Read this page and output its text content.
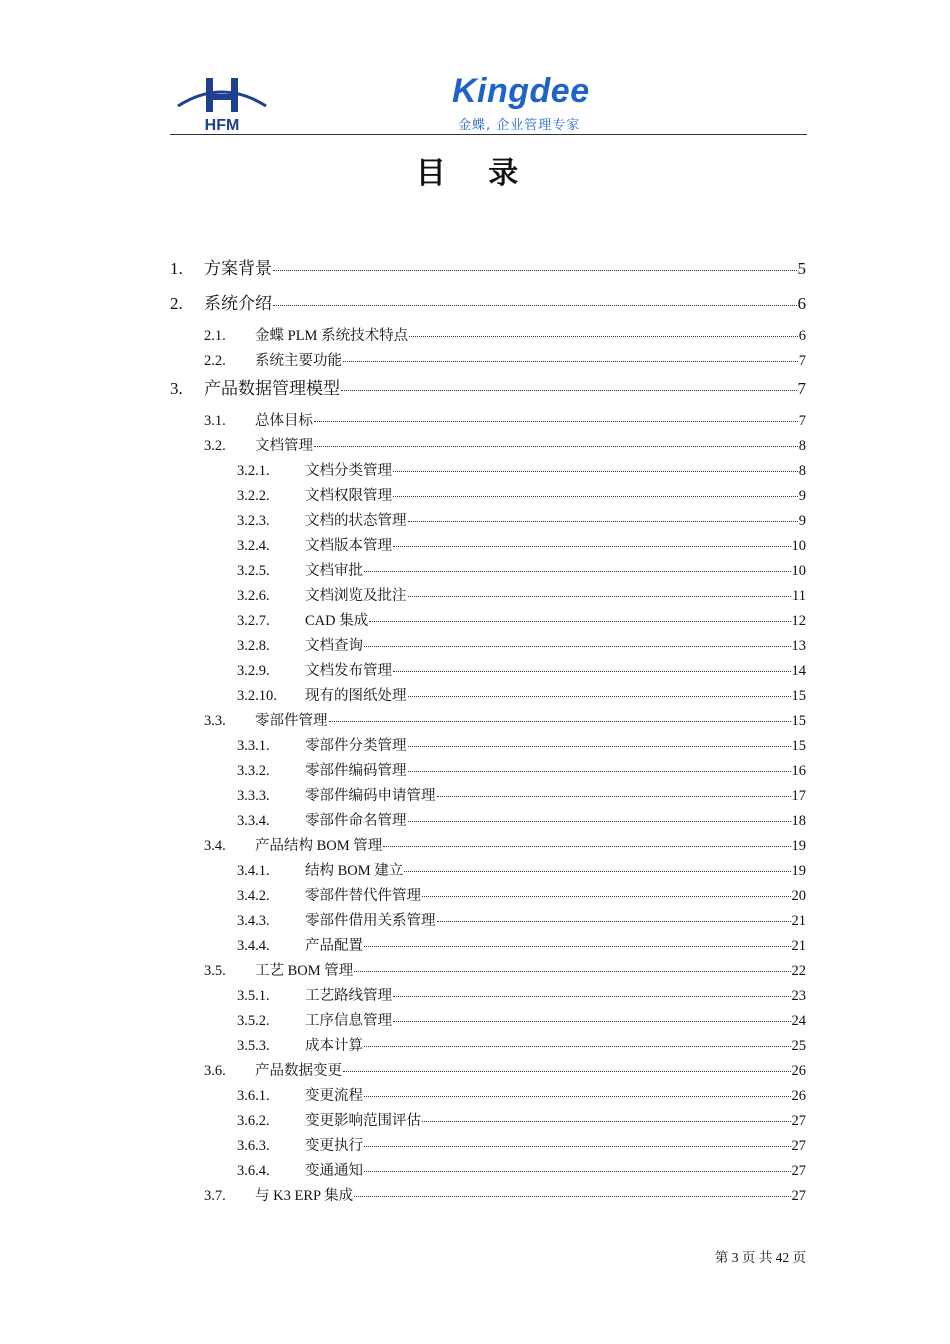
HFM
Kingdee
金蝶, 企业管理专家
目 录
1.	方案背景	5
2.	系统介绍	6
2.1.	金蝶 PLM 系统技术特点	6
2.2.	系统主要功能	7
3.	产品数据管理模型	7
3.1.	总体目标	7
3.2.	文档管理	8
3.2.1.	文档分类管理	8
3.2.2.	文档权限管理	9
3.2.3.	文档的状态管理	9
3.2.4.	文档版本管理	10
3.2.5.	文档审批	10
3.2.6.	文档浏览及批注	11
3.2.7.	CAD 集成	12
3.2.8.	文档查询	13
3.2.9.	文档发布管理	14
3.2.10.	现有的图纸处理	15
3.3.	零部件管理	15
3.3.1.	零部件分类管理	15
3.3.2.	零部件编码管理	16
3.3.3.	零部件编码申请管理	17
3.3.4.	零部件命名管理	18
3.4.	产品结构 BOM 管理	19
3.4.1.	结构 BOM 建立	19
3.4.2.	零部件替代件管理	20
3.4.3.	零部件借用关系管理	21
3.4.4.	产品配置	21
3.5.	工艺 BOM 管理	22
3.5.1.	工艺路线管理	23
3.5.2.	工序信息管理	24
3.5.3.	成本计算	25
3.6.	产品数据变更	26
3.6.1.	变更流程	26
3.6.2.	变更影响范围评估	27
3.6.3.	变更执行	27
3.6.4.	变通通知	27
3.7.	与 K3 ERP 集成	27
第 3 页 共 42 页
